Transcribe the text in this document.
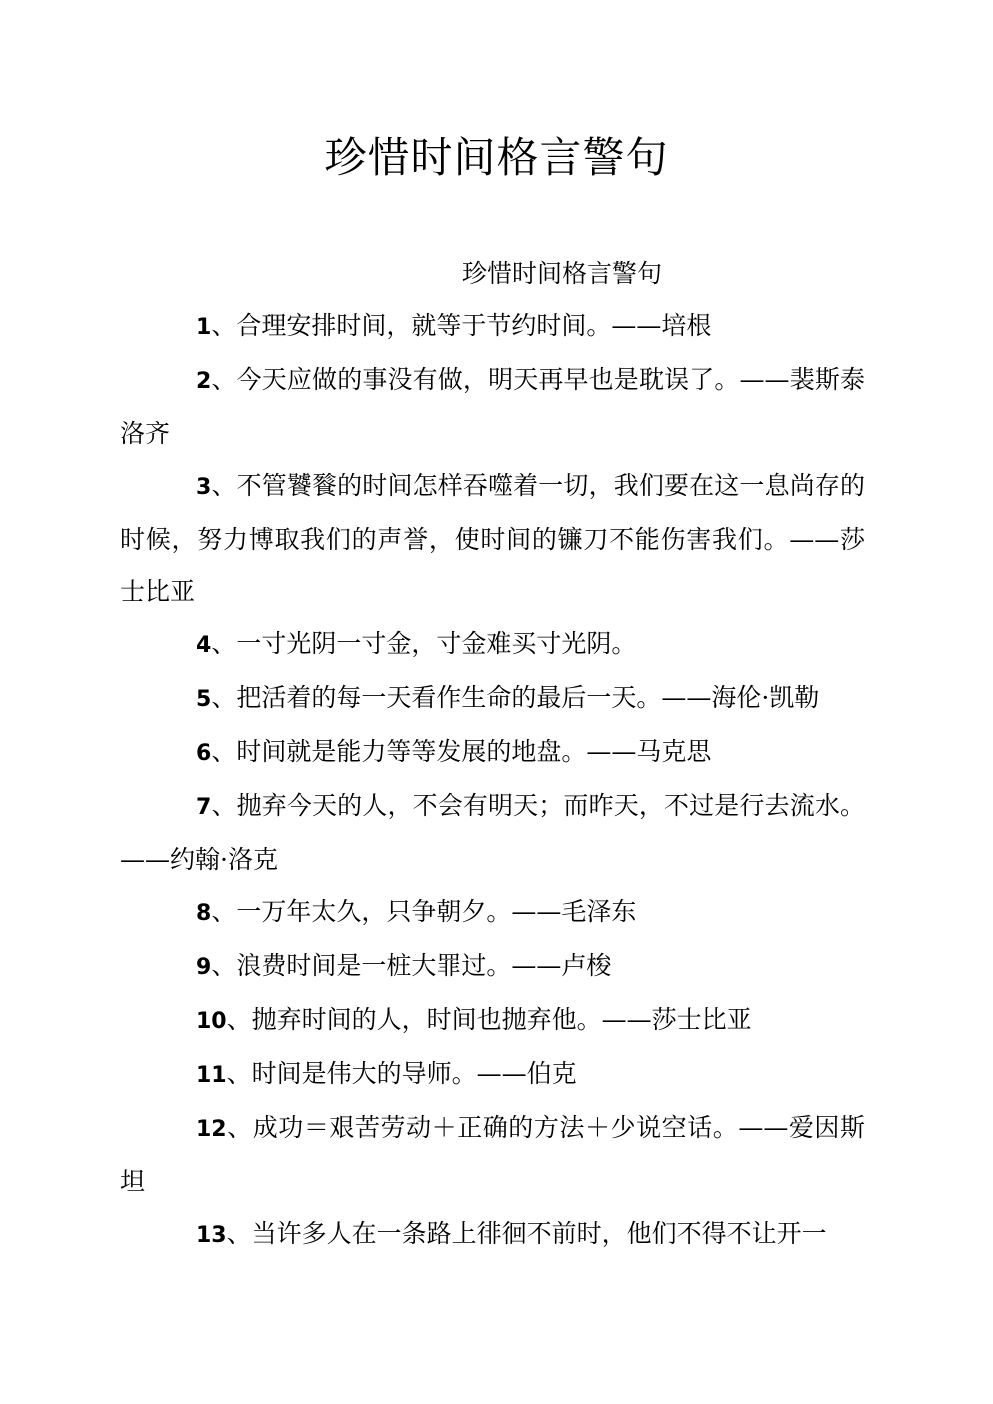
珍惜时间格言警句

珍惜时间格言警句

1、合理安排时间，就等于节约时间。——培根
2、今天应做的事没有做，明天再早也是耽误了。——裴斯泰洛齐
3、不管饕餮的时间怎样吞噬着一切，我们要在这一息尚存的时候，努力博取我们的声誉，使时间的镰刀不能伤害我们。——莎士比亚
4、一寸光阴一寸金，寸金难买寸光阴。
5、把活着的每一天看作生命的最后一天。——海伦·凯勒
6、时间就是能力等等发展的地盘。——马克思
7、抛弃今天的人，不会有明天；而昨天，不过是行去流水。——约翰·洛克
8、一万年太久，只争朝夕。——毛泽东
9、浪费时间是一桩大罪过。——卢梭
10、抛弃时间的人，时间也抛弃他。——莎士比亚
11、时间是伟大的导师。——伯克
12、成功＝艰苦劳动＋正确的方法＋少说空话。——爱因斯坦
13、当许多人在一条路上徘徊不前时，他们不得不让开一
